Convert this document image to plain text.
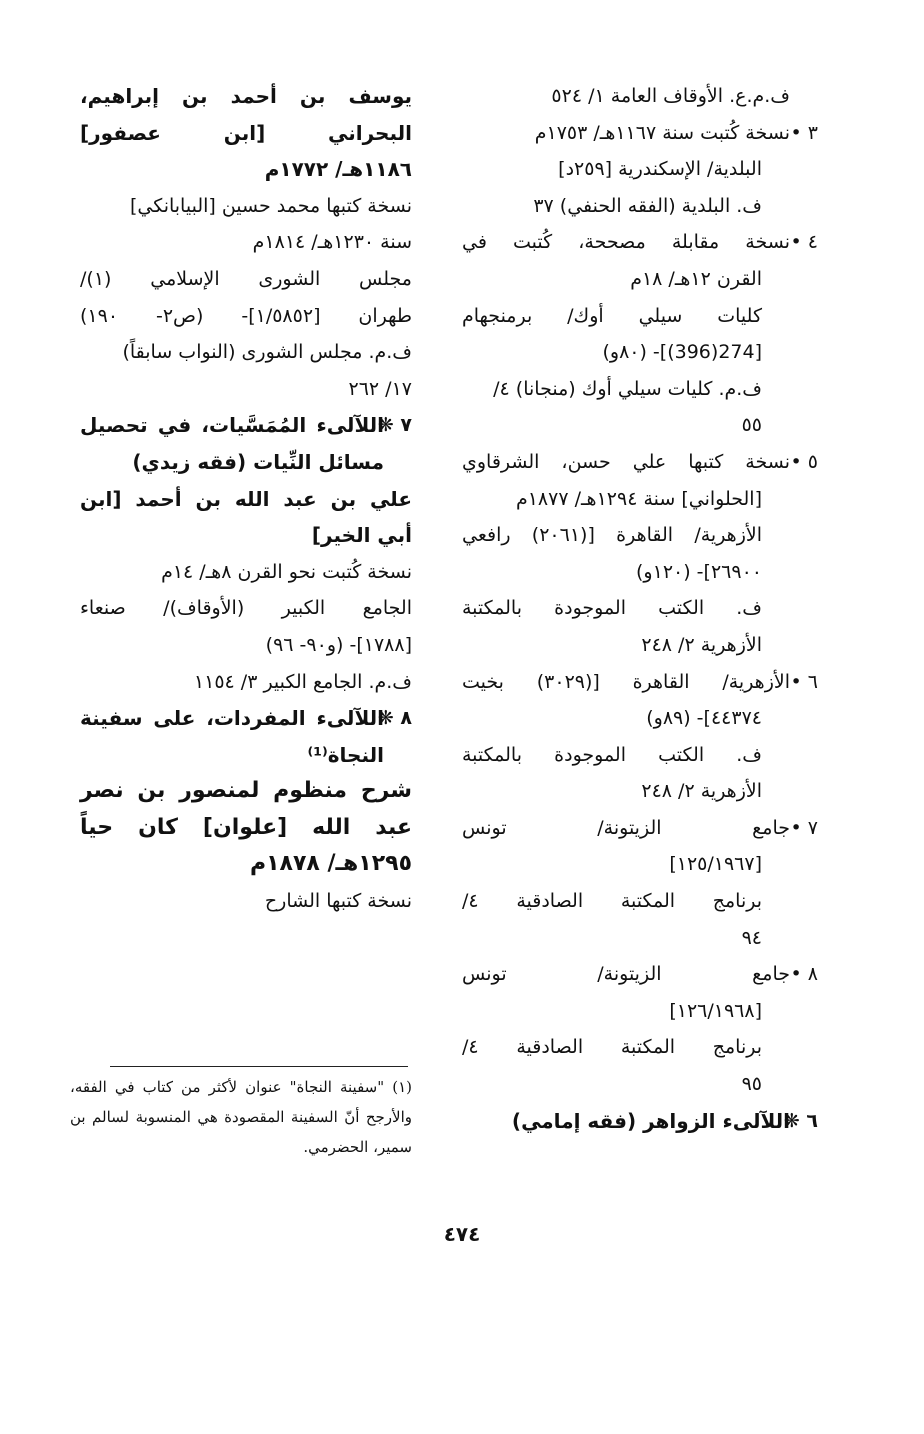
ف.م.ع. الأوقاف العامة ١/ ٥٢٤
٣ •
نسخة كُتبت سنة ١١٦٧هـ/ ١٧٥٣م
البلدية/ الإسكندرية [٢٥٩د]
ف. البلدية (الفقه الحنفي) ٣٧
٤ •
نسخة مقابلة مصححة، كُتبت في
القرن ١٢هـ/ ١٨م
كليات سيلي أوك/ برمنجهام
[274(396)]- (٨٠و)
ف.م. كليات سيلي أوك (منجانا) ٤/
٥٥
٥ •
نسخة كتبها علي حسن، الشرقاوي
[الحلواني] سنة ١٢٩٤هـ/ ١٨٧٧م
الأزهرية/ القاهرة [(٢٠٦١) رافعي
٢٦٩٠٠]- (١٢٠و)
ف. الكتب الموجودة بالمكتبة
الأزهرية ٢/ ٢٤٨
٦ •
الأزهرية/ القاهرة [(٣٠٢٩) بخيت
٤٤٣٧٤]- (٨٩و)
ف. الكتب الموجودة بالمكتبة
الأزهرية ٢/ ٢٤٨
٧ •
جامع الزيتونة/ تونس
[١٢٥/١٩٦٧]
برنامج المكتبة الصادقية ٤/
٩٤
٨ •
جامع الزيتونة/ تونس
[١٢٦/١٩٦٨]
برنامج المكتبة الصادقية ٤/
٩٥
٦ ❋
اللآلىء الزواهر (فقه إمامي)
يوسف بن أحمد بن إبراهيم،
البحراني [ابن عصفور]
١١٨٦هـ/ ١٧٧٢م
نسخة كتبها محمد حسين [البيابانكي]
سنة ١٢٣٠هـ/ ١٨١٤م
مجلس الشورى الإسلامي (١)/
طهران [١/٥٨٥٢]- (ص٢- ١٩٠)
ف.م. مجلس الشورى (النواب سابقاً)
١٧/ ٢٦٢
٧ ❋
اللآلىء المُمَسَّيات، في تحصيل
مسائل النِّيات (فقه زيدي)
علي بن عبد الله بن أحمد [ابن
أبي الخير]
نسخة كُتبت نحو القرن ٨هـ/ ١٤م
الجامع الكبير (الأوقاف)/ صنعاء
[١٧٨٨]- (و٩٠- ٩٦)
ف.م. الجامع الكبير ٣/ ١١٥٤
٨ ❋
اللآلىء المفردات، على سفينة
النجاة⁽¹⁾
شرح منظوم لمنصور بن نصر
عبد الله [علوان] كان حياً
١٢٩٥هـ/ ١٨٧٨م
نسخة كتبها الشارح
(١) "سفينة النجاة" عنوان لأكثر من كتاب في الفقه،
والأرجح أنّ السفينة المقصودة هي المنسوبة لسالم بن
سمير، الحضرمي.
٤٧٤
